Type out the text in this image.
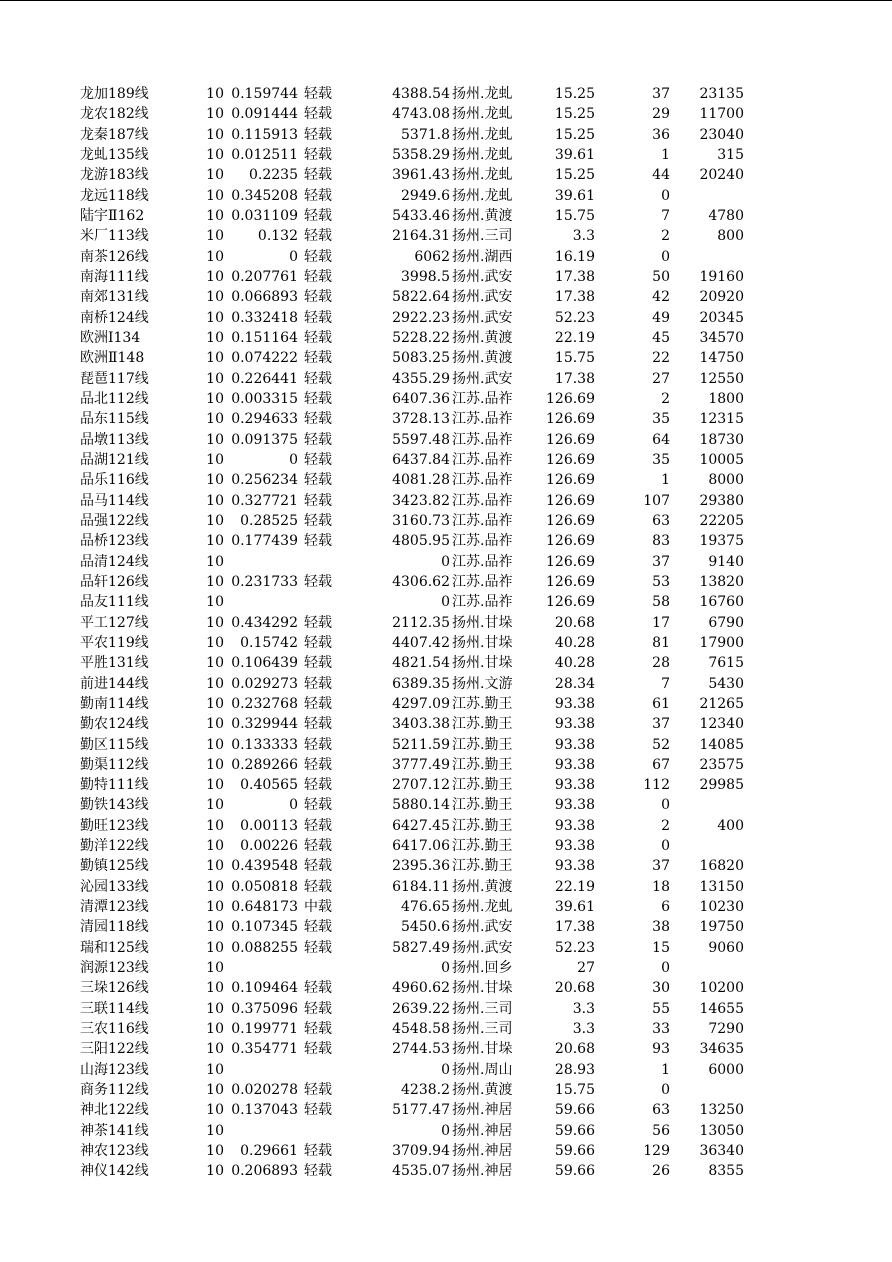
龙加189线	10 0.159744 轻载	4388.54 扬州.龙虬	15.25	37	23135
龙农182线	10 0.091444 轻载	4743.08 扬州.龙虬	15.25	29	11700
龙秦187线	10 0.115913 轻载	5371.8 扬州.龙虬	15.25	36	23040
龙虬135线	10 0.012511 轻载	5358.29 扬州.龙虬	39.61	1	315
龙游183线	10	0.2235 轻载	3961.43 扬州.龙虬	15.25	44	20240
龙远118线	10 0.345208 轻载	2949.6 扬州.龙虬	39.61	0
陆宇Ⅱ162	10 0.031109 轻载	5433.46 扬州.黄渡	15.75	7	4780
米厂113线	10	0.132 轻载	2164.31 扬州.三司	3.3	2	800
南茶126线	10	0 轻载	6062 扬州.湖西	16.19	0
南海111线	10 0.207761 轻载	3998.5 扬州.武安	17.38	50	19160
南郊131线	10 0.066893 轻载	5822.64 扬州.武安	17.38	42	20920
南桥124线	10 0.332418 轻载	2922.23 扬州.武安	52.23	49	20345
欧洲Ⅰ134	10 0.151164 轻载	5228.22 扬州.黄渡	22.19	45	34570
欧洲Ⅱ148	10 0.074222 轻载	5083.25 扬州.黄渡	15.75	22	14750
琵琶117线	10 0.226441 轻载	4355.29 扬州.武安	17.38	27	12550
品北112线	10 0.003315 轻载	6407.36 江苏.品祚	126.69	2	1800
品东115线	10 0.294633 轻载	3728.13 江苏.品祚	126.69	35	12315
品墩113线	10 0.091375 轻载	5597.48 江苏.品祚	126.69	64	18730
品湖121线	10	0 轻载	6437.84 江苏.品祚	126.69	35	10005
品乐116线	10 0.256234 轻载	4081.28 江苏.品祚	126.69	1	8000
品马114线	10 0.327721 轻载	3423.82 江苏.品祚	126.69	107	29380
品强122线	10	0.28525 轻载	3160.73 江苏.品祚	126.69	63	22205
品桥123线	10 0.177439 轻载	4805.95 江苏.品祚	126.69	83	19375
品清124线	10	0 江苏.品祚	126.69	37	9140
品轩126线	10 0.231733 轻载	4306.62 江苏.品祚	126.69	53	13820
品友111线	10	0 江苏.品祚	126.69	58	16760
平工127线	10 0.434292 轻载	2112.35 扬州.甘垛	20.68	17	6790
平农119线	10	0.15742 轻载	4407.42 扬州.甘垛	40.28	81	17900
平胜131线	10 0.106439 轻载	4821.54 扬州.甘垛	40.28	28	7615
前进144线	10 0.029273 轻载	6389.35 扬州.文游	28.34	7	5430
勤南114线	10 0.232768 轻载	4297.09 江苏.勤王	93.38	61	21265
勤农124线	10 0.329944 轻载	3403.38 江苏.勤王	93.38	37	12340
勤区115线	10 0.133333 轻载	5211.59 江苏.勤王	93.38	52	14085
勤渠112线	10 0.289266 轻载	3777.49 江苏.勤王	93.38	67	23575
勤特111线	10	0.40565 轻载	2707.12 江苏.勤王	93.38	112	29985
勤铁143线	10	0 轻载	5880.14 江苏.勤王	93.38	0
勤旺123线	10	0.00113 轻载	6427.45 江苏.勤王	93.38	2	400
勤洋122线	10	0.00226 轻载	6417.06 江苏.勤王	93.38	0
勤镇125线	10 0.439548 轻载	2395.36 江苏.勤王	93.38	37	16820
沁园133线	10 0.050818 轻载	6184.11 扬州.黄渡	22.19	18	13150
清潭123线	10 0.648173 中载	476.65 扬州.龙虬	39.61	6	10230
清园118线	10 0.107345 轻载	5450.6 扬州.武安	17.38	38	19750
瑞和125线	10 0.088255 轻载	5827.49 扬州.武安	52.23	15	9060
润源123线	10	0 扬州.回乡	27	0
三垛126线	10 0.109464 轻载	4960.62 扬州.甘垛	20.68	30	10200
三联114线	10 0.375096 轻载	2639.22 扬州.三司	3.3	55	14655
三农116线	10 0.199771 轻载	4548.58 扬州.三司	3.3	33	7290
三阳122线	10 0.354771 轻载	2744.53 扬州.甘垛	20.68	93	34635
山海123线	10	0 扬州.周山	28.93	1	6000
商务112线	10 0.020278 轻载	4238.2 扬州.黄渡	15.75	0
神北122线	10 0.137043 轻载	5177.47 扬州.神居	59.66	63	13250
神茶141线	10	0 扬州.神居	59.66	56	13050
神农123线	10	0.29661 轻载	3709.94 扬州.神居	59.66	129	36340
神仪142线	10 0.206893 轻载	4535.07 扬州.神居	59.66	26	8355
